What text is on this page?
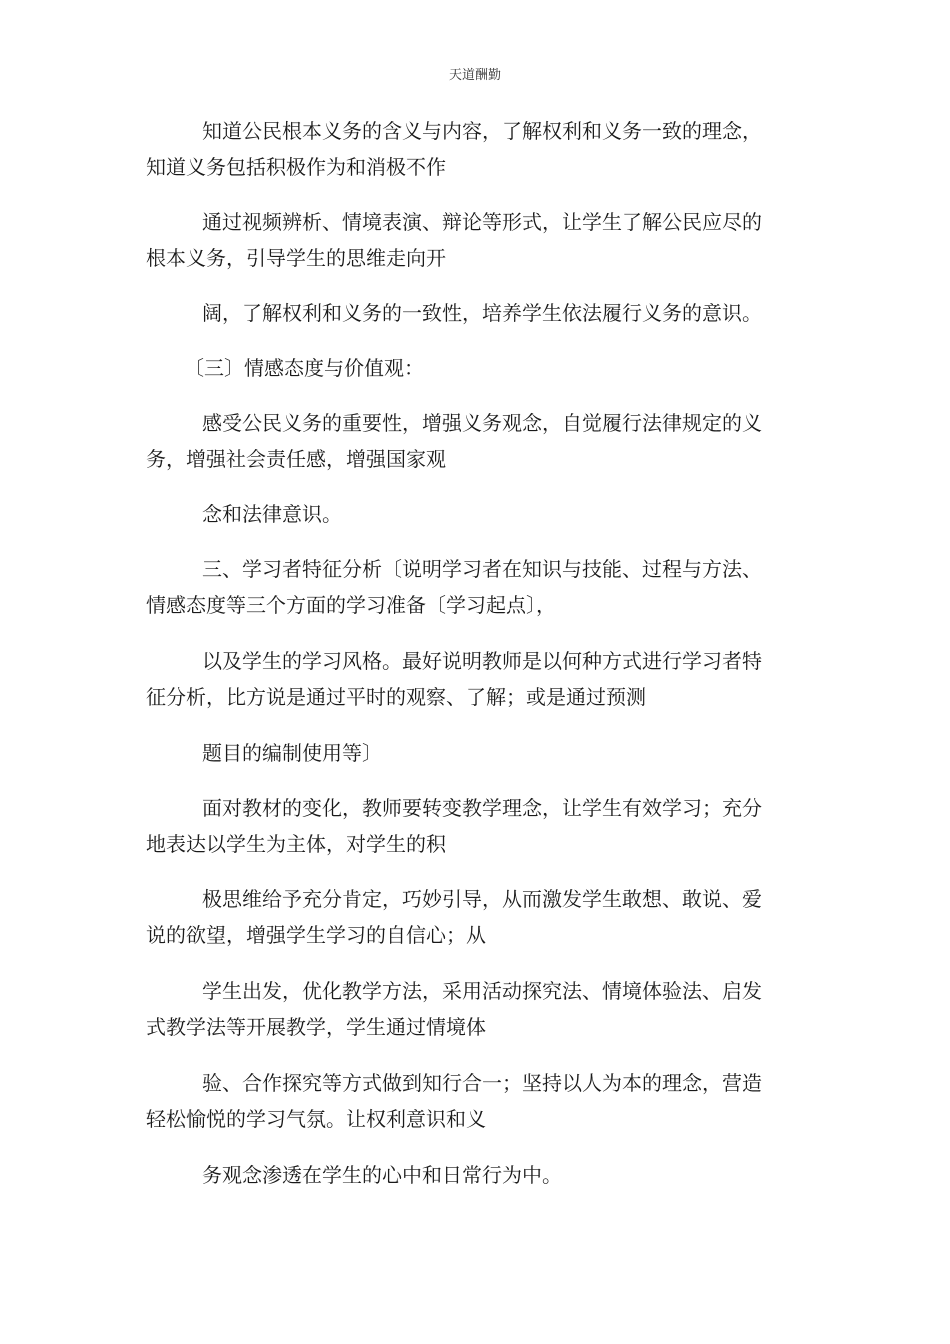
天道酬勤
知道公民根本义务的含义与内容，了解权利和义务一致的理念，
知道义务包括积极作为和消极不作
通过视频辨析、情境表演、辩论等形式，让学生了解公民应尽的
根本义务，引导学生的思维走向开
阔，了解权利和义务的一致性，培养学生依法履行义务的意识。
〔三〕情感态度与价值观：
感受公民义务的重要性，增强义务观念，自觉履行法律规定的义
务，增强社会责任感，增强国家观
念和法律意识。
三、学习者特征分析〔说明学习者在知识与技能、过程与方法、
情感态度等三个方面的学习准备〔学习起点〕，
以及学生的学习风格。最好说明教师是以何种方式进行学习者特
征分析，比方说是通过平时的观察、了解；或是通过预测
题目的编制使用等〕
面对教材的变化，教师要转变教学理念，让学生有效学习；充分
地表达以学生为主体，对学生的积
极思维给予充分肯定，巧妙引导，从而激发学生敢想、敢说、爱
说的欲望，增强学生学习的自信心；从
学生出发，优化教学方法，采用活动探究法、情境体验法、启发
式教学法等开展教学，学生通过情境体
验、合作探究等方式做到知行合一；坚持以人为本的理念，营造
轻松愉悦的学习气氛。让权利意识和义
务观念渗透在学生的心中和日常行为中。
